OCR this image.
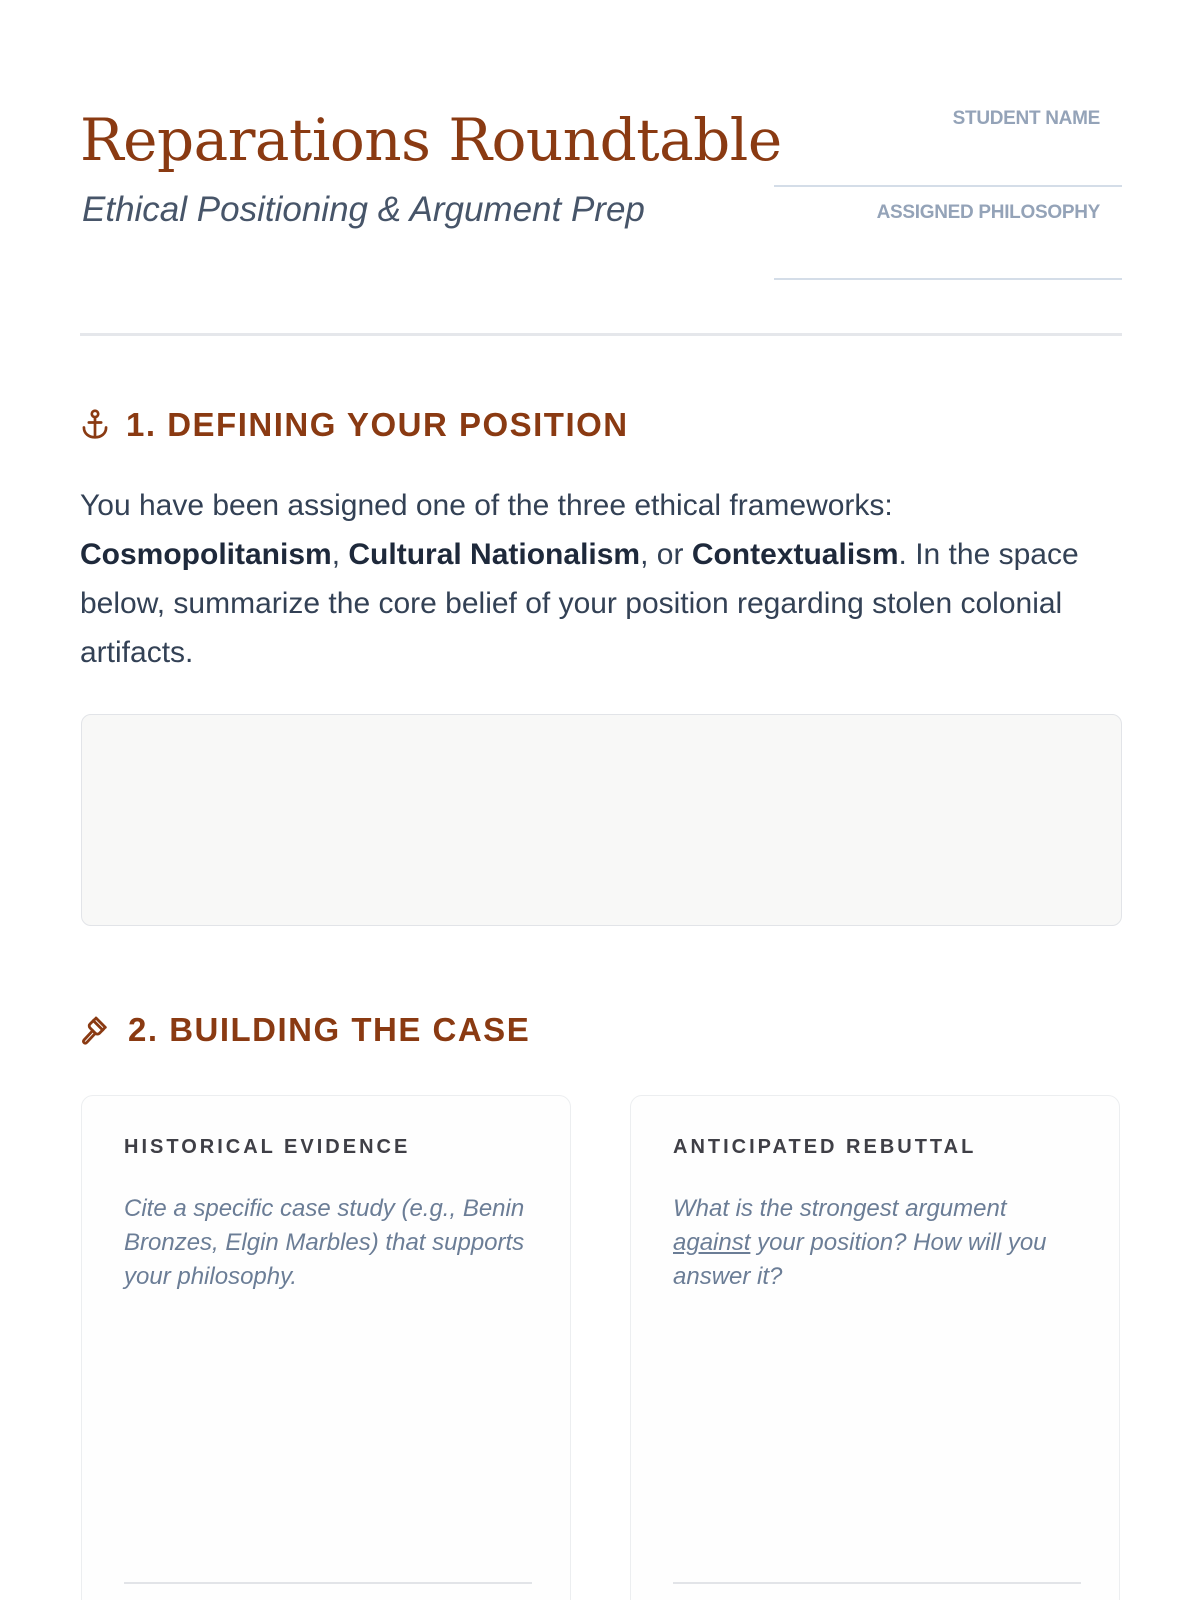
Reparations Roundtable
Ethical Positioning & Argument Prep
STUDENT NAME
ASSIGNED PHILOSOPHY
1. DEFINING YOUR POSITION

You have been assigned one of the three ethical frameworks:
Cosmopolitanism, Cultural Nationalism, or Contextualism. In the space below, summarize the core belief of your position regarding stolen colonial artifacts.

2. BUILDING THE CASE
HISTORICAL EVIDENCE
Cite a specific case study (e.g., Benin Bronzes, Elgin Marbles) that supports your philosophy.
ANTICIPATED REBUTTAL
What is the strongest argument
against your position? How will you answer it?
